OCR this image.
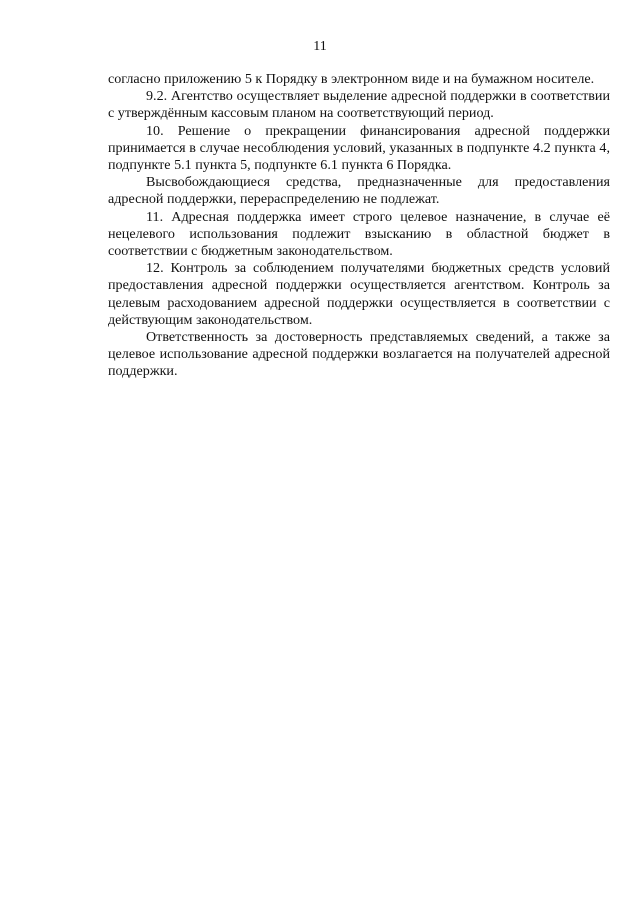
11

согласно приложению 5 к Порядку в электронном виде и на бумажном носителе.

9.2. Агентство осуществляет выделение адресной поддержки в соответствии с утверждённым кассовым планом на соответствующий период.

10. Решение о прекращении финансирования адресной поддержки принимается в случае несоблюдения условий, указанных в подпункте 4.2 пункта 4, подпункте 5.1 пункта 5, подпункте 6.1 пункта 6 Порядка.

Высвобождающиеся средства, предназначенные для предоставления адресной поддержки, перераспределению не подлежат.

11. Адресная поддержка имеет строго целевое назначение, в случае её нецелевого использования подлежит взысканию в областной бюджет в соответствии с бюджетным законодательством.

12. Контроль за соблюдением получателями бюджетных средств условий предоставления адресной поддержки осуществляется агентством. Контроль за целевым расходованием адресной поддержки осуществляется в соответствии с действующим законодательством.

Ответственность за достоверность представляемых сведений, а также за целевое использование адресной поддержки возлагается на получателей адресной поддержки.
